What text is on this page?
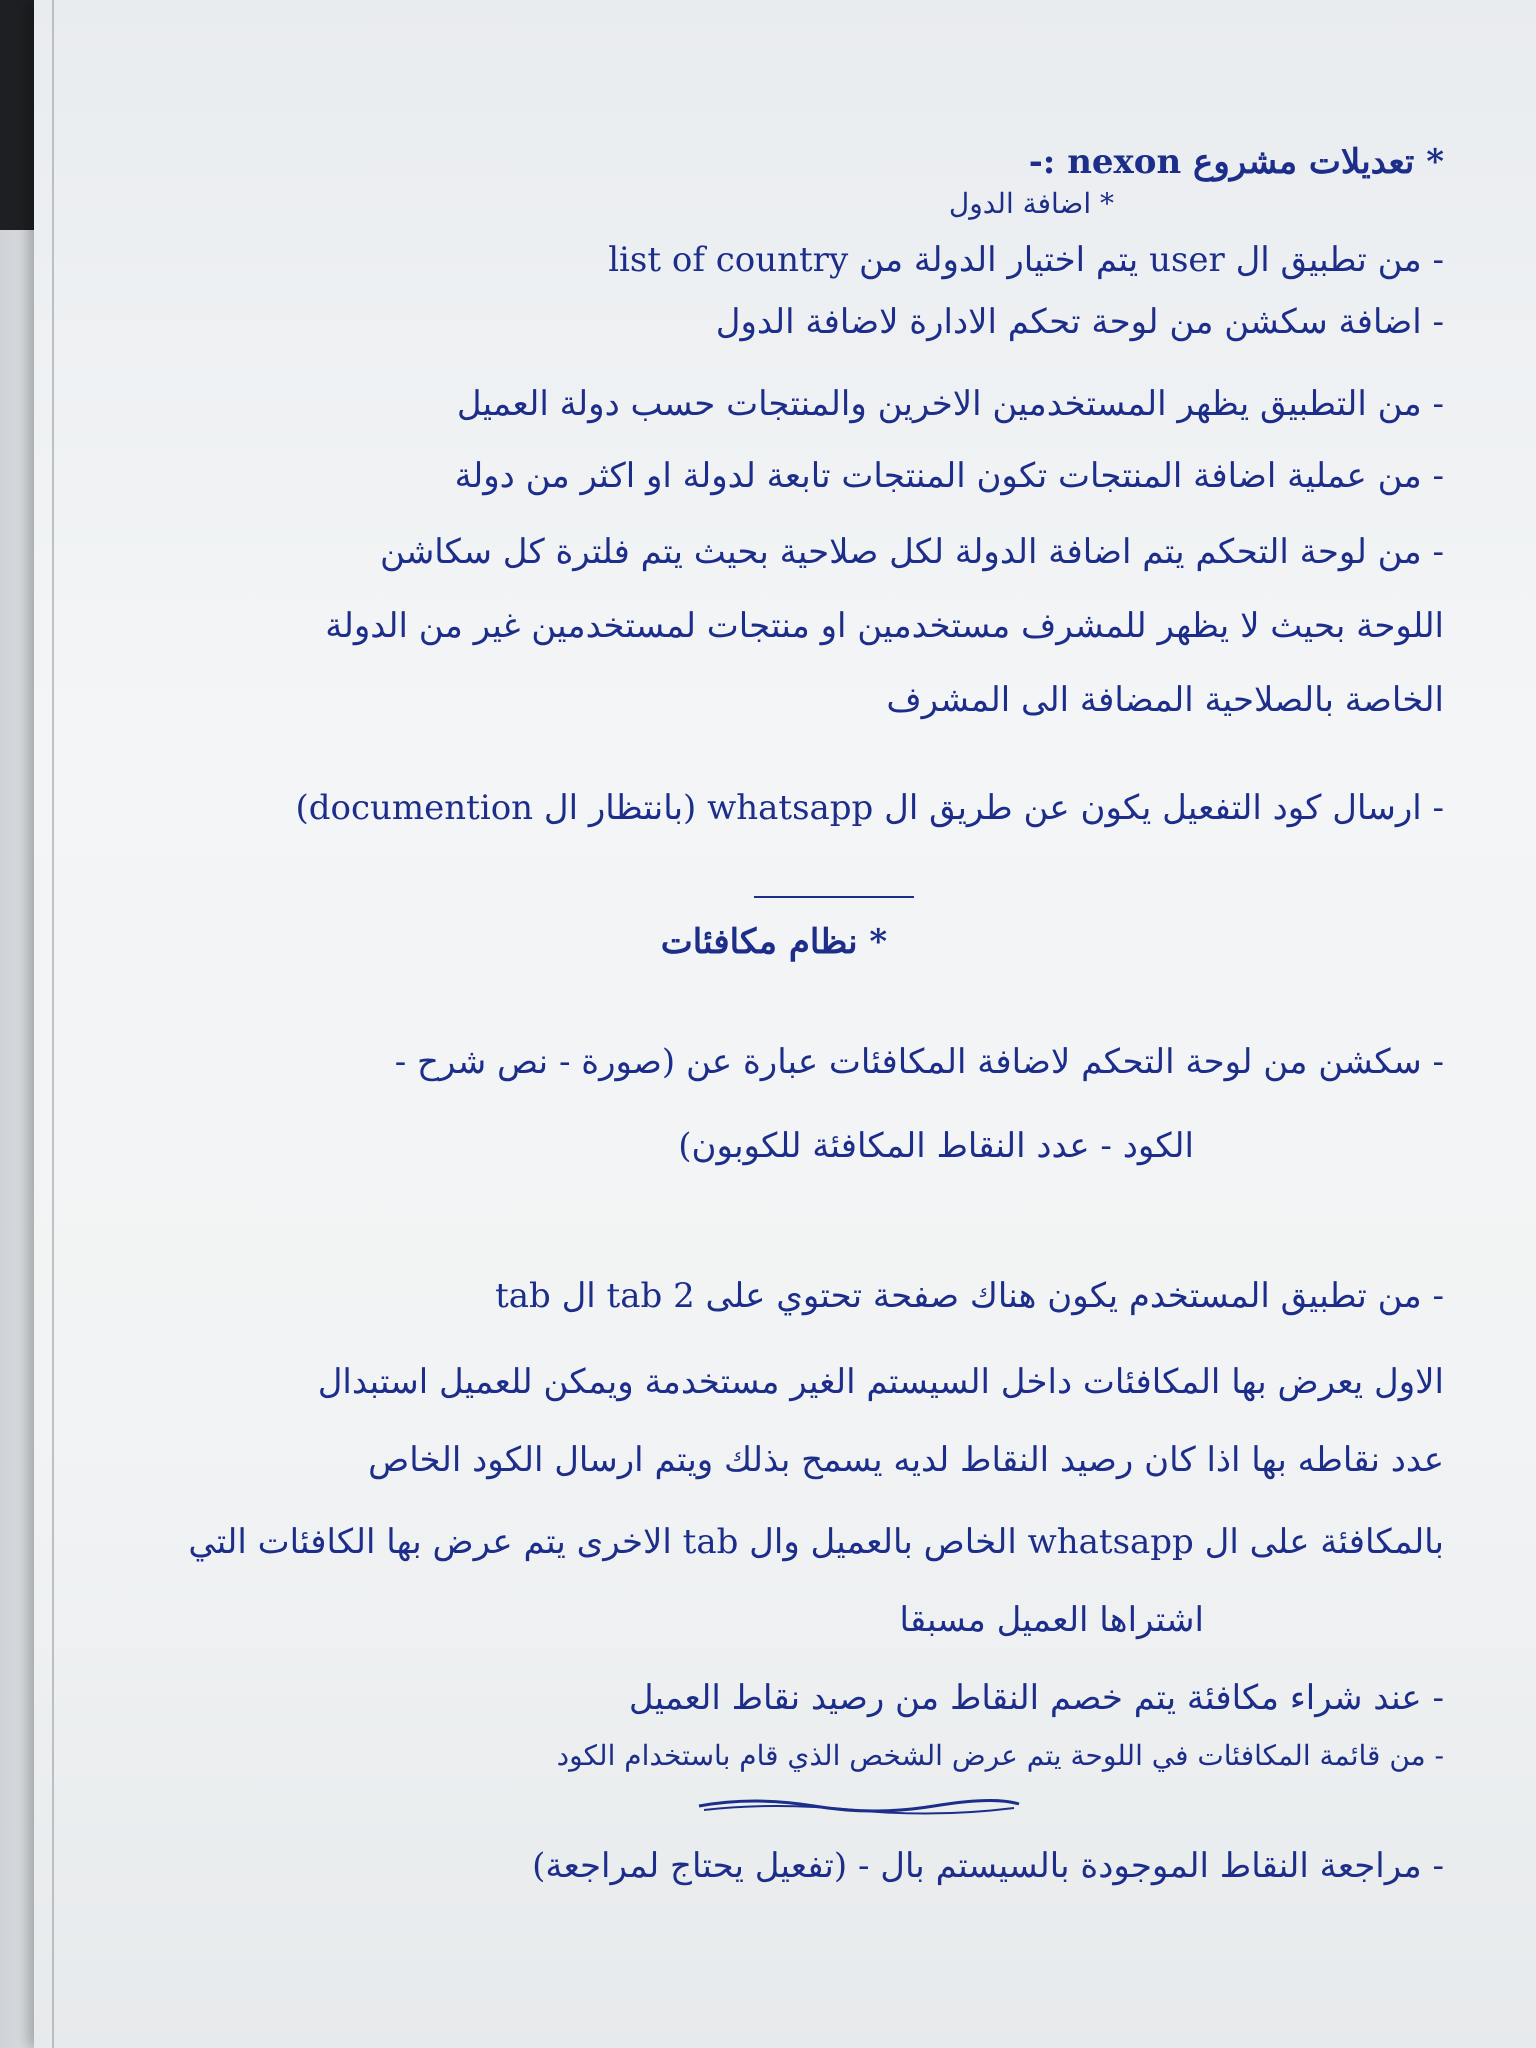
* تعديلات مشروع nexon :-
* اضافة الدول
- من تطبيق ال user يتم اختيار الدولة من list of country
- اضافة سكشن من لوحة تحكم الادارة لاضافة الدول
- من التطبيق يظهر المستخدمين الاخرين والمنتجات حسب دولة العميل
- من عملية اضافة المنتجات تكون المنتجات تابعة لدولة او اكثر من دولة
- من لوحة التحكم يتم اضافة الدولة لكل صلاحية بحيث يتم فلترة كل سكاشن
اللوحة بحيث لا يظهر للمشرف مستخدمين او منتجات لمستخدمين غير من الدولة
الخاصة بالصلاحية المضافة الى المشرف
- ارسال كود التفعيل يكون عن طريق ال whatsapp (بانتظار ال documention)
* نظام مكافئات
- سكشن من لوحة التحكم لاضافة المكافئات عبارة عن (صورة - نص شرح -
الكود - عدد النقاط المكافئة للكوبون)
- من تطبيق المستخدم يكون هناك صفحة تحتوي على 2 tab ال tab
الاول يعرض بها المكافئات داخل السيستم الغير مستخدمة ويمكن للعميل استبدال
عدد نقاطه بها اذا كان رصيد النقاط لديه يسمح بذلك ويتم ارسال الكود الخاص
بالمكافئة على ال whatsapp الخاص بالعميل وال tab الاخرى يتم عرض بها الكافئات التي
اشتراها العميل مسبقا
- عند شراء مكافئة يتم خصم النقاط من رصيد نقاط العميل
- من قائمة المكافئات في اللوحة يتم عرض الشخص الذي قام باستخدام الكود
- مراجعة النقاط الموجودة بالسيستم بال - (تفعيل يحتاج لمراجعة)
